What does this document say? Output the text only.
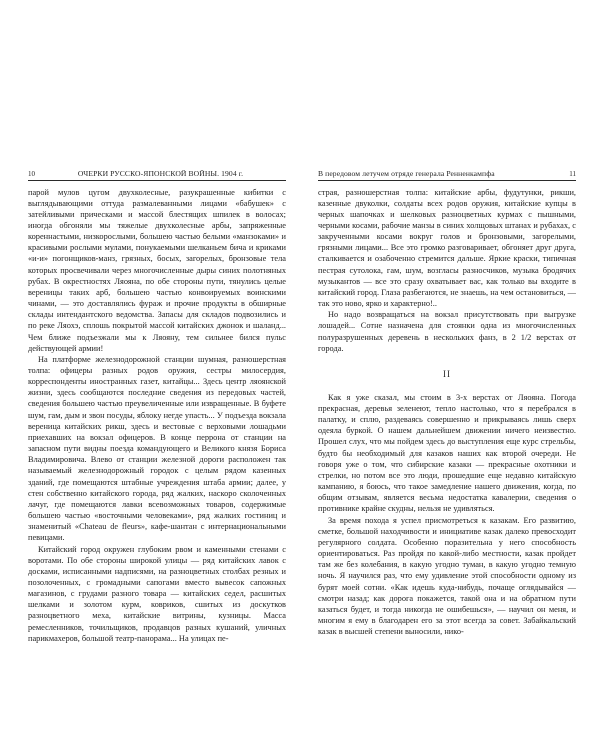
10	ОЧЕРКИ РУССКО-ЯПОНСКОЙ ВОЙНЫ. 1904 г.

парой мулов цугом двухколесные, разукрашенные кибитки с выглядывающими оттуда размалеванными лицами «бабушек» с затейливыми прическами и массой блестящих шпилек в волосах; иногда обгоняли мы тяжелые двухколесные арбы, запряженные кореннастыми, низкорослыми, большею частью белыми «манзоками» и красивыми рослыми мулами, понукаемыми шелканьем бича и криками «и-и» погонщиков-манз, грязных, босых, загорелых, бронзовые тела которых просвечивали через многочисленные дыры синих полотняных рубах. В окрестностях Ляояна, по обе стороны пути, тянулись целые вереницы таких арб, большею частью конвоируемых воинскими чинами, — это доставлялись фураж и прочие продукты в обширные склады интендантского ведомства. Запасы для складов подвозились и по реке Ляохэ, сплошь покрытой массой китайских джонок и шаланд... Чем ближе подъезжали мы к Ляояну, тем сильнее бился пульс действующей армии!

На платформе железнодорожной станции шумная, разношерстная толпа: офицеры разных родов оружия, сестры милосердия, корреспонденты иностранных газет, китайцы... Здесь центр ляоянской жизни, здесь сообщаются последние сведения из передовых частей, сведения большею частью преувеличенные или извращенные. В буфете шум, гам, дым и звон посуды, яблоку негде упасть... У подъезда вокзала вереница китайских рикш, здесь и вестовые с верховыми лошадьми приехавших на вокзал офицеров. В конце перрона от станции на запасном пути видны поезда командующего и Великого князя Бориса Владимировича. Влево от станции железной дороги расположен так называемый железнодорожный городок с целым рядом казенных зданий, где помещаются штабные учреждения штаба армии; далее, у стен собственно китайского города, ряд жалких, наскоро сколоченных лачуг, где помещаются лавки всевозможных товаров, содержимые большею частью «восточными человеками», ряд жалких гостиниц и знаменитый «Chateau de fleurs», кафе-шантан с интернациональными певицами.

Китайский город окружен глубоким рвом и каменными стенами с воротами. По обе стороны широкой улицы — ряд китайских лавок с досками, исписанными надписями, на разноцветных столбах резных и позолоченных, с громадными сапогами вместо вывесок сапожных магазинов, с грудами разного товара — китайских седел, расшитых шелками и золотом курм, ковриков, сшитых из доскутков разноцветного меха, китайские витрины, кузницы. Масса ремесленников, точильщиков, продавцов разных кушаний, уличных парикмахеров, большой театр-панорама... На улицах пе-

В передовом летучем отряде генерала Ренненкампфа	11

страя, разношерстная толпа: китайские арбы, фудутунки, рикши, казенные двуколки, солдаты всех родов оружия, китайские купцы в черных шапочках и шелковых разноцветных курмах с пышными, черными косами, рабочие манзы в синих холщовых штанах и рубахах, с закрученными косами вокруг голов и бронзовыми, загорелыми, грязными лицами... Все это громко разговаривает, обгоняет друг друга, сталкивается и озабоченно стремится дальше. Яркие краски, типичная пестрая сутолока, гам, шум, возгласы разносчиков, музыка бродячих музыкантов — все это сразу охватывает вас, как только вы входите в китайский город. Глаза разбегаются, не знаешь, на чем остановиться, — так это ново, ярко и характерно!..

Но надо возвращаться на вокзал присутствовать при выгрузке лошадей... Сотне назначена для стоянки одна из многочисленных полуразрушенных деревень в нескольких фанз, в 2 1/2 верстах от города.

II

Как я уже сказал, мы стоим в 3-х верстах от Ляояна. Погода прекрасная, деревья зеленеют, тепло настолько, что я перебрался в палатку, и сплю, раздеваясь совершенно и прикрываясь лишь сверх одеяла буркой. О нашем дальнейшем движении ничего неизвестно. Прошел слух, что мы пойдем здесь до выступления еще курс стрельбы, будто бы необходимый для казаков наших как второй очереди. Не говоря уже о том, что сибирские казаки — прекрасные охотники и стрелки, но потом все это люди, прошедшие еще недавно китайскую кампанию, я боюсь, что такое замедление нашего движения, когда, по общим отзывам, является весьма недостатка кавалерии, сведения о противнике крайне скудны, нельзя не удивляться.

За время похода я успел присмотреться к казакам. Его развитию, сметке, большой находчивости и инициативе казак далеко превосходит регулярного солдата. Особенно поразительна у него способность ориентироваться. Раз пройдя по какой-либо местности, казак пройдет там же без колебания, в какую угодно туман, в какую угодно темную ночь. Я научился раз, что ему удивление этой способности одному из бурят моей сотни. «Как идешь куда-нибудь, почаще оглядывайся — смотри назад; как дорога покажется, такой она и на обратном пути казаться будет, и тогда никогда не ошибешься», — научил он меня, и многим я ему в благодарен его за этот всегда за совет. Забайкальский казак в высшей степени выносили, нико-
